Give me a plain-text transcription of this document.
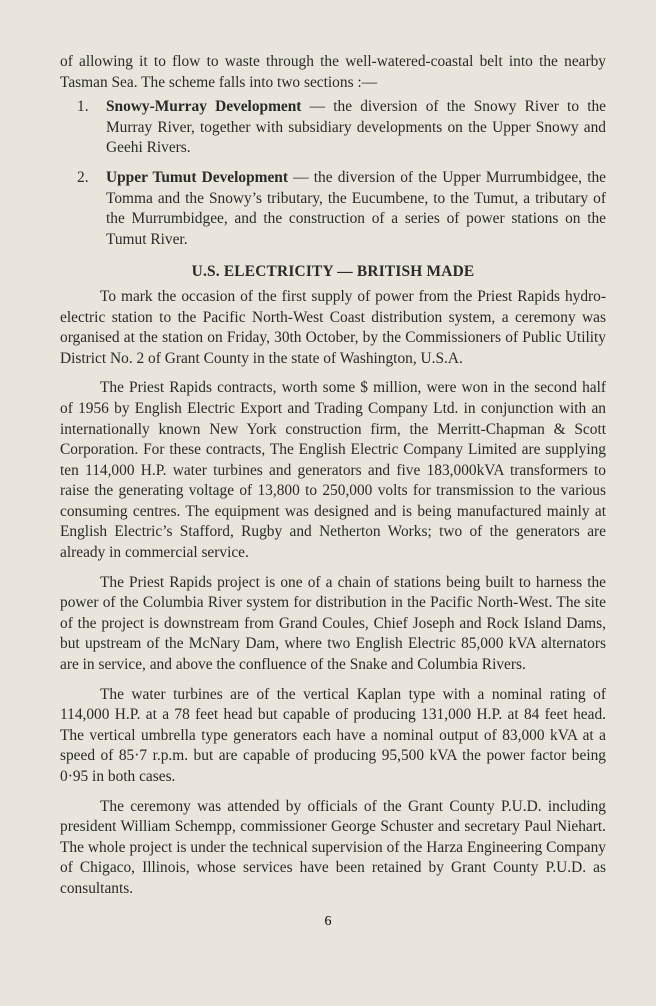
of allowing it to flow to waste through the well-watered-coastal belt into the nearby Tasman Sea. The scheme falls into two sections :—

1.	Snowy-Murray Development — the diversion of the Snowy River to the Murray River, together with subsidiary developments on the Upper Snowy and Geehi Rivers.
2.	Upper Tumut Development — the diversion of the Upper Murrumbidgee, the Tomma and the Snowy’s tributary, the Eucumbene, to the Tumut, a tributary of the Murrumbidgee, and the construction of a series of power stations on the Tumut River.
U.S. ELECTRICITY — BRITISH MADE

To mark the occasion of the first supply of power from the Priest Rapids hydro-electric station to the Pacific North-West Coast distribution system, a ceremony was organised at the station on Friday, 30th October, by the Commissioners of Public Utility District No. 2 of Grant County in the state of Washington, U.S.A.

The Priest Rapids contracts, worth some $ million, were won in the second half of 1956 by English Electric Export and Trading Company Ltd. in conjunction with an internationally known New York construction firm, the Merritt-Chapman & Scott Corporation. For these contracts, The English Electric Company Limited are supplying ten 114,000 H.P. water turbines and generators and five 183,000kVA transformers to raise the generating voltage of 13,800 to 250,000 volts for transmission to the various consuming centres. The equipment was designed and is being manufactured mainly at English Electric’s Stafford, Rugby and Netherton Works; two of the generators are already in commercial service.

The Priest Rapids project is one of a chain of stations being built to harness the power of the Columbia River system for distribution in the Pacific North-West. The site of the project is downstream from Grand Coules, Chief Joseph and Rock Island Dams, but upstream of the McNary Dam, where two English Electric 85,000 kVA alternators are in service, and above the confluence of the Snake and Columbia Rivers.

The water turbines are of the vertical Kaplan type with a nominal rating of 114,000 H.P. at a 78 feet head but capable of producing 131,000 H.P. at 84 feet head. The vertical umbrella type generators each have a nominal output of 83,000 kVA at a speed of 85·7 r.p.m. but are capable of producing 95,500 kVA the power factor being 0·95 in both cases.

The ceremony was attended by officials of the Grant County P.U.D. including president William Schempp, commissioner George Schuster and secretary Paul Niehart. The whole project is under the technical supervision of the Harza Engineering Company of Chigaco, Illinois, whose services have been retained by Grant County P.U.D. as consultants.

6
